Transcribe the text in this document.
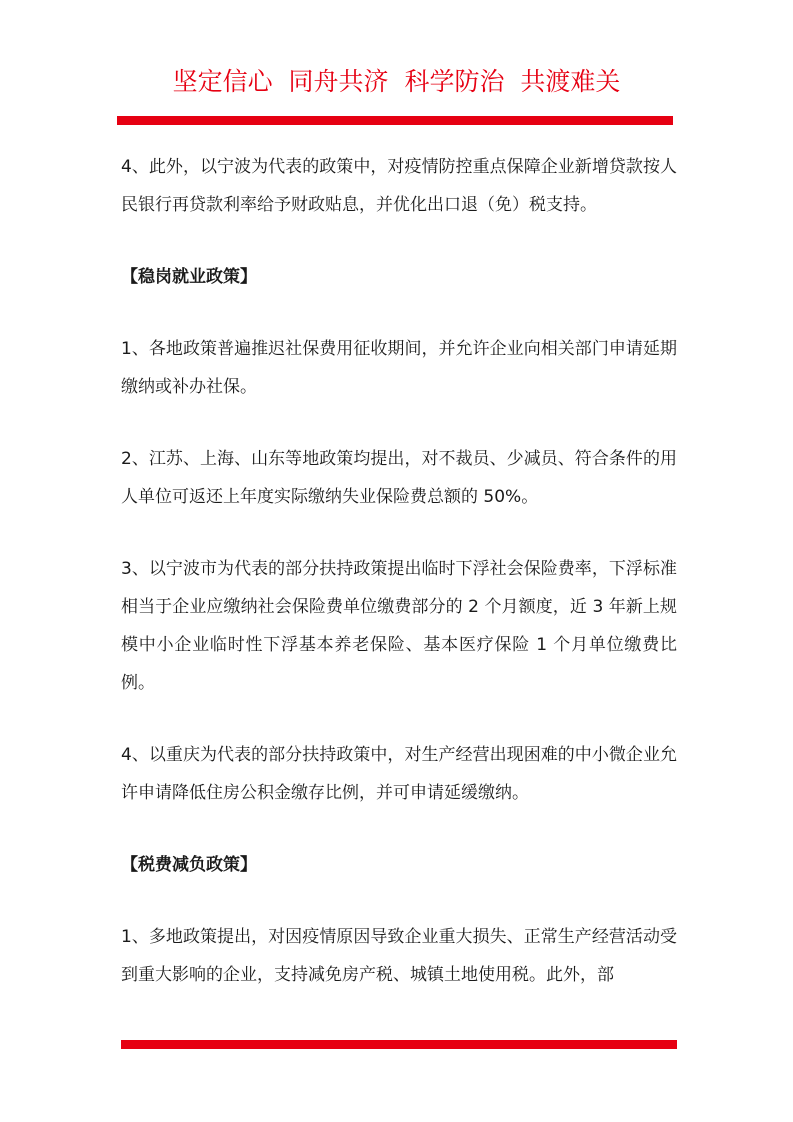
坚定信心  同舟共济  科学防治  共渡难关

4、此外，以宁波为代表的政策中，对疫情防控重点保障企业新增贷款按人民银行再贷款利率给予财政贴息，并优化出口退（免）税支持。

【稳岗就业政策】

1、各地政策普遍推迟社保费用征收期间，并允许企业向相关部门申请延期缴纳或补办社保。

2、江苏、上海、山东等地政策均提出，对不裁员、少减员、符合条件的用人单位可返还上年度实际缴纳失业保险费总额的 50%。

3、以宁波市为代表的部分扶持政策提出临时下浮社会保险费率，下浮标准相当于企业应缴纳社会保险费单位缴费部分的 2 个月额度，近 3 年新上规模中小企业临时性下浮基本养老保险、基本医疗保险 1 个月单位缴费比例。

4、以重庆为代表的部分扶持政策中，对生产经营出现困难的中小微企业允许申请降低住房公积金缴存比例，并可申请延缓缴纳。

【税费减负政策】

1、多地政策提出，对因疫情原因导致企业重大损失、正常生产经营活动受到重大影响的企业，支持减免房产税、城镇土地使用税。此外，部
